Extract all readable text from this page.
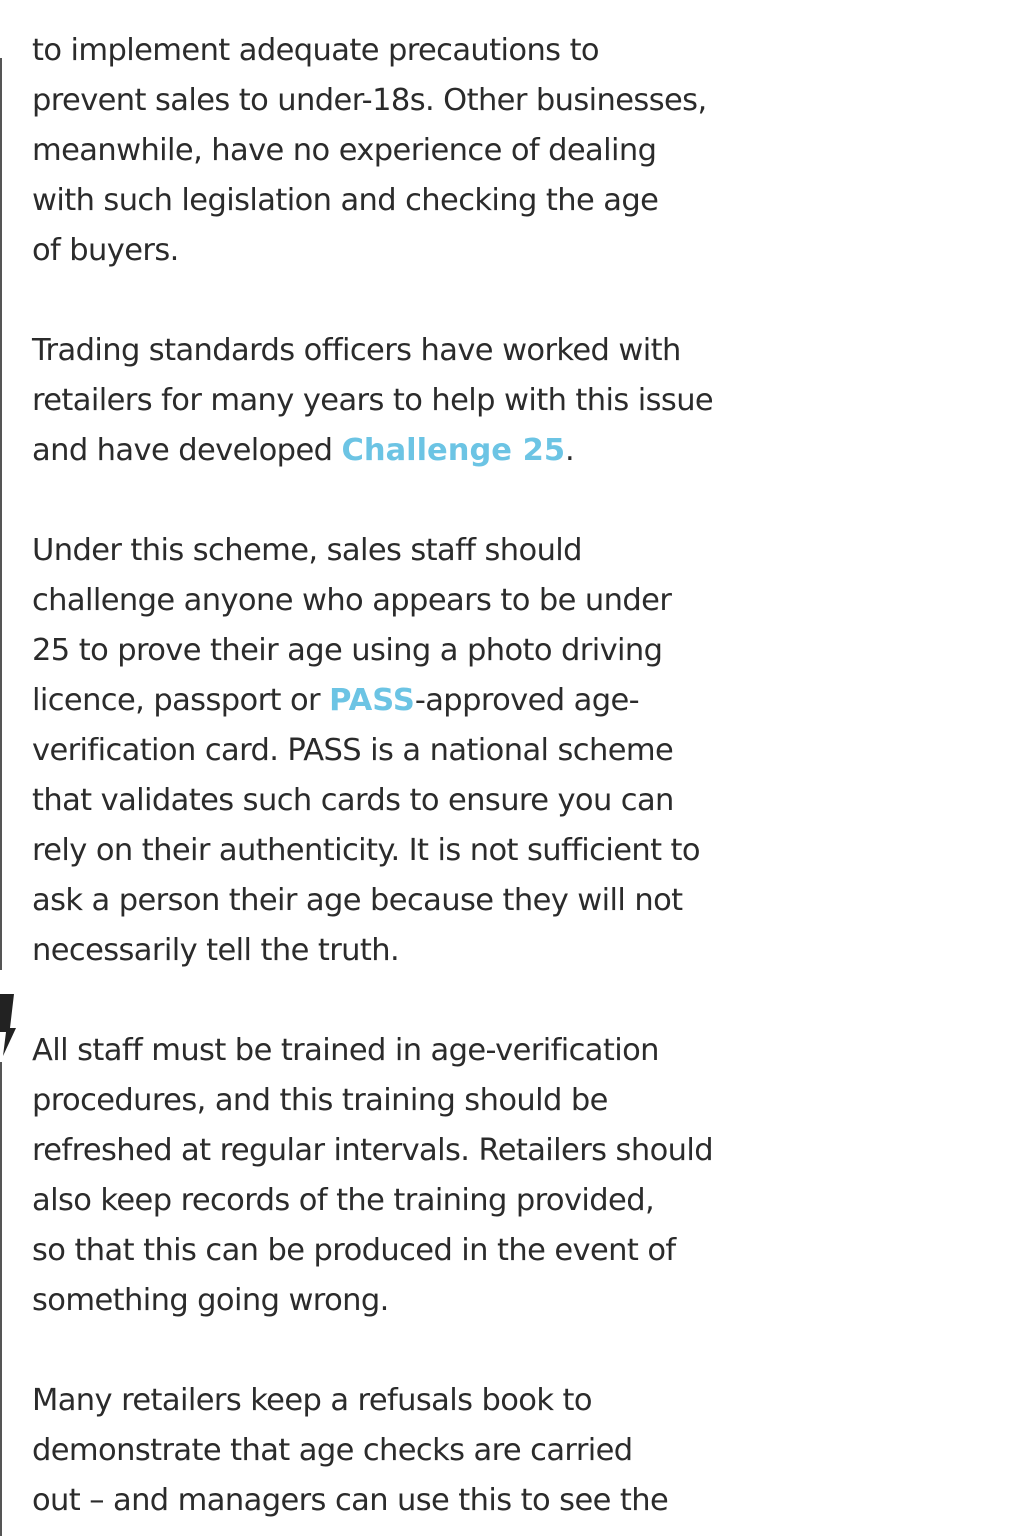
to implement adequate precautions to
prevent sales to under-18s. Other businesses,
meanwhile, have no experience of dealing
with such legislation and checking the age
of buyers.
Trading standards officers have worked with
retailers for many years to help with this issue
and have developed Challenge 25.
Under this scheme, sales staff should
challenge anyone who appears to be under
25 to prove their age using a photo driving
licence, passport or PASS-approved age-
verification card. PASS is a national scheme
that validates such cards to ensure you can
rely on their authenticity. It is not sufficient to
ask a person their age because they will not
necessarily tell the truth.
All staff must be trained in age-verification
procedures, and this training should be
refreshed at regular intervals. Retailers should
also keep records of the training provided,
so that this can be produced in the event of
something going wrong.
Many retailers keep a refusals book to
demonstrate that age checks are carried
out – and managers can use this to see the
